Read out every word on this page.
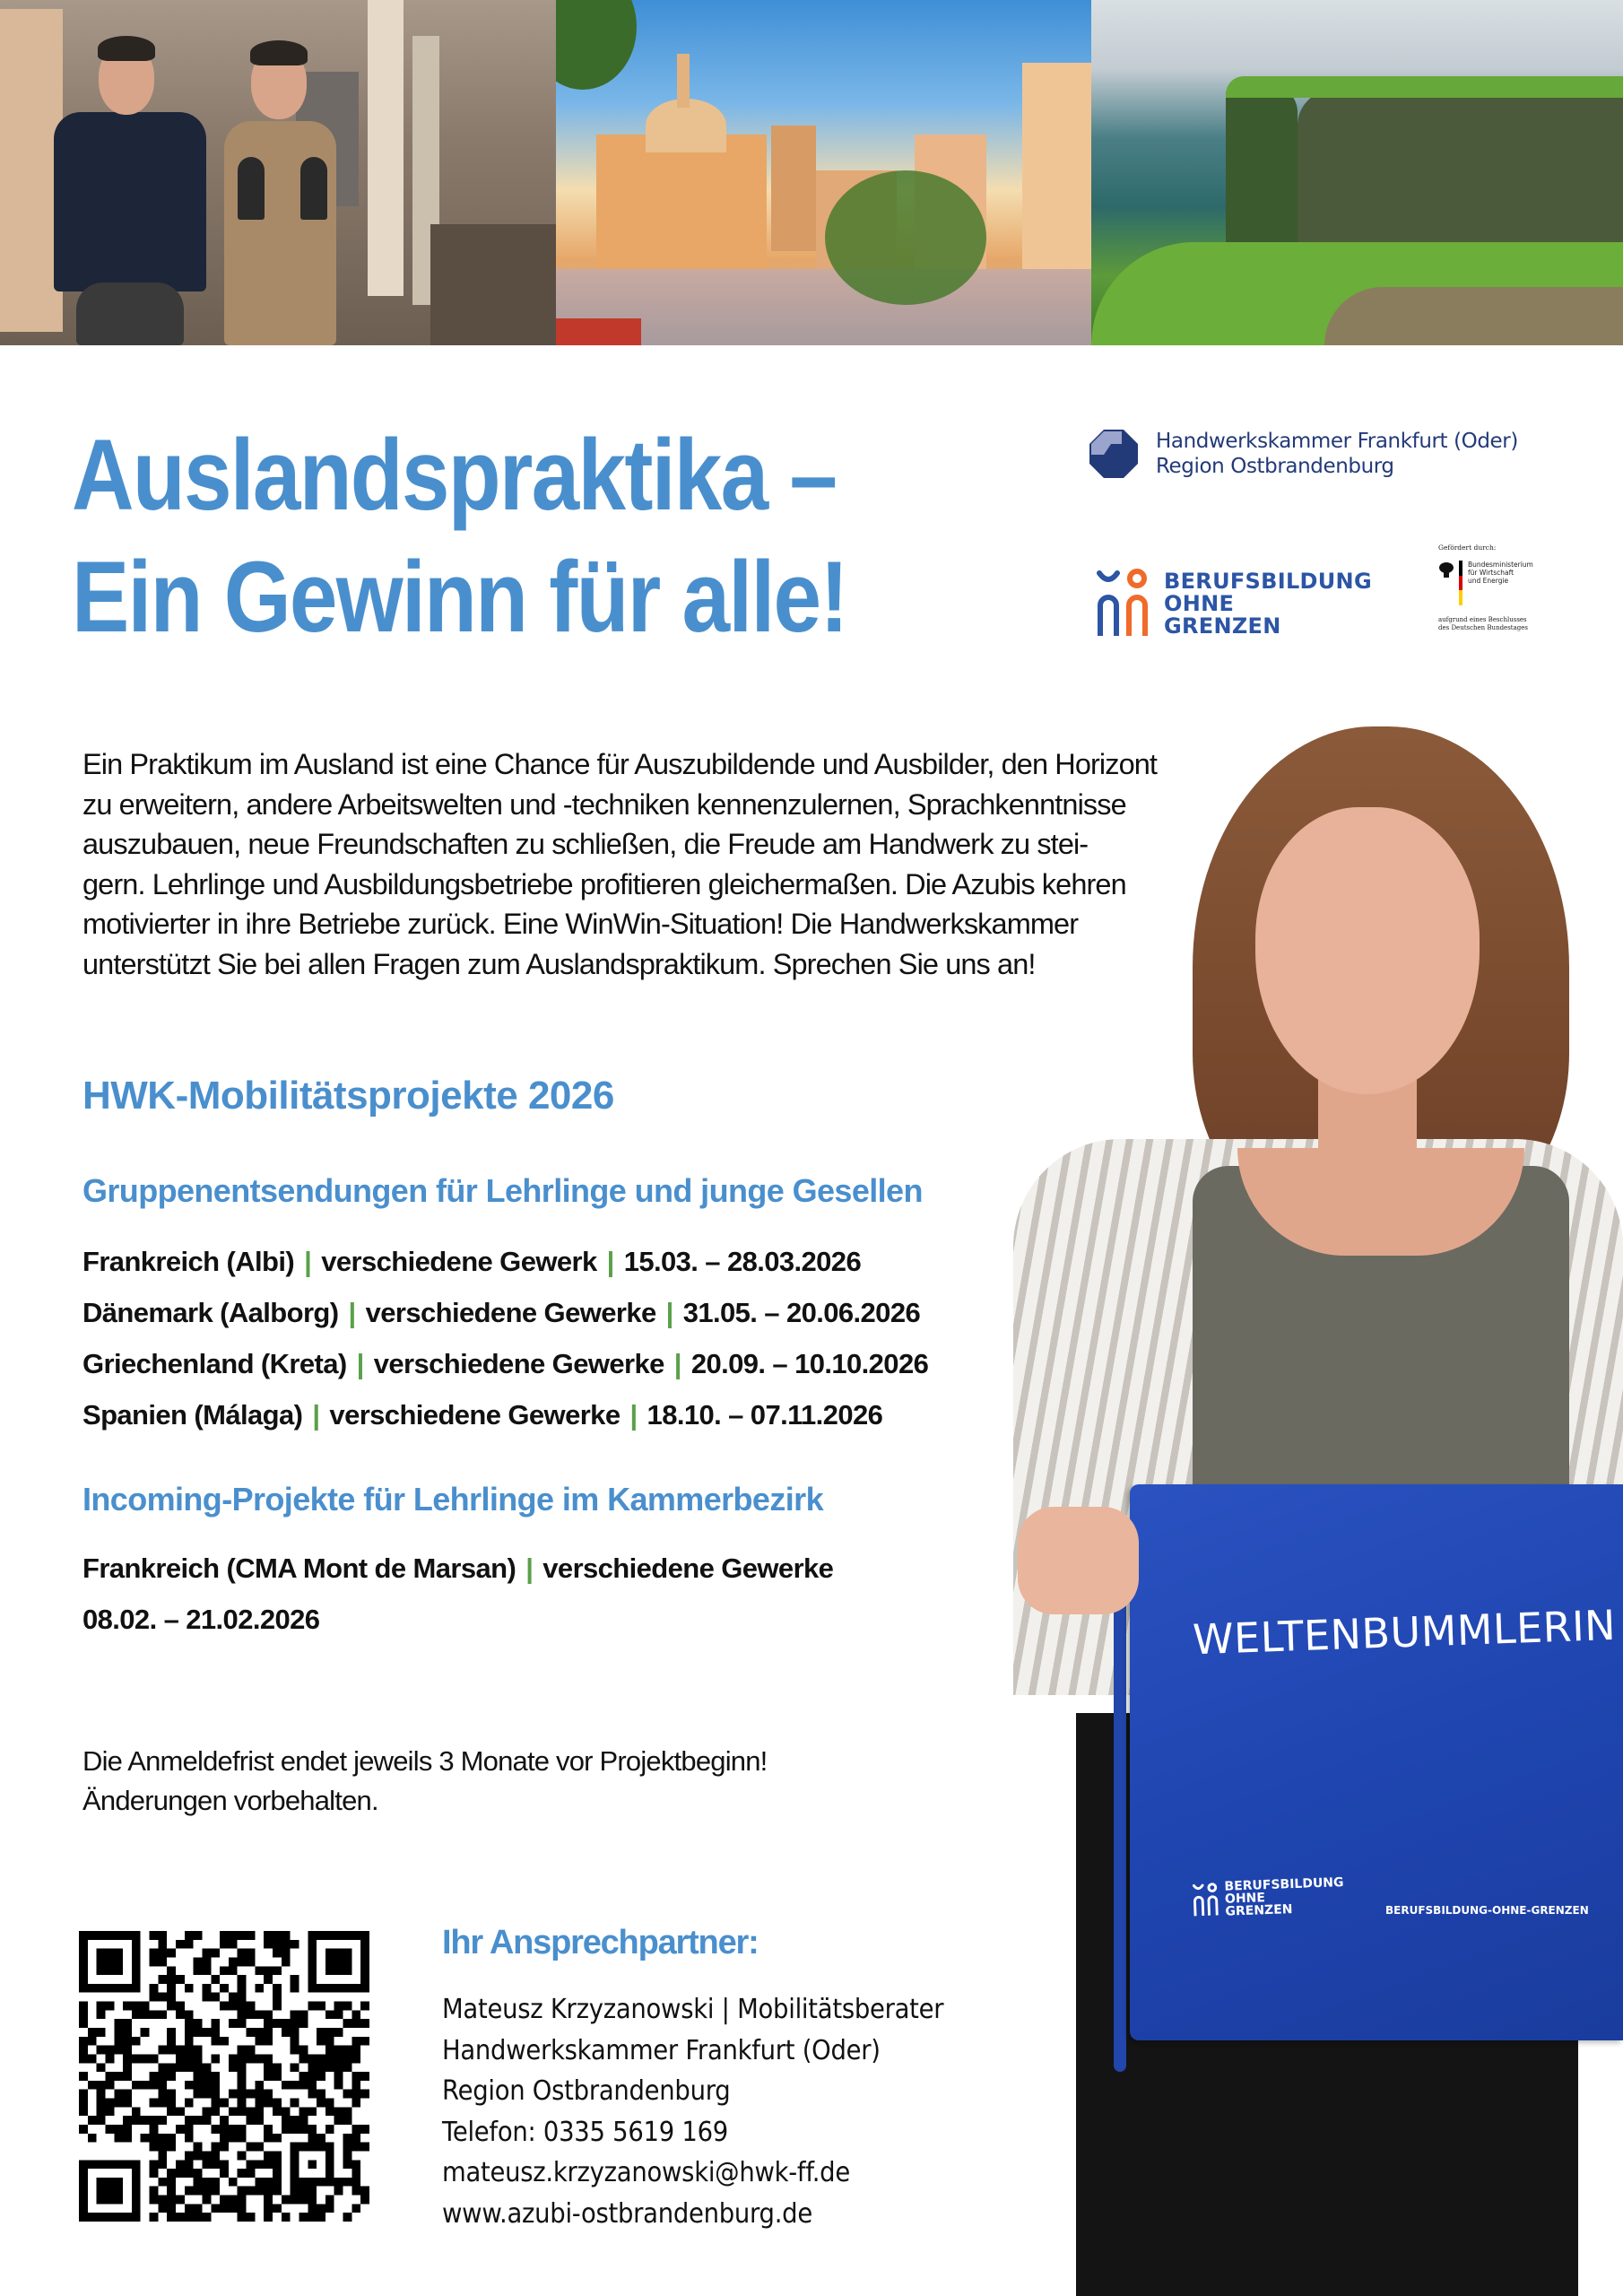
Auslandspraktika –
Ein Gewinn für alle!
Handwerkskammer Frankfurt (Oder)
Region Ostbrandenburg
BERUFSBILDUNG
OHNE
GRENZEN
Gefördert durch:
Bundesministerium
für Wirtschaft
und Energie
aufgrund eines Beschlusses
des Deutschen Bundestages
WELTENBUMMLERIN
BERUFSBILDUNG
OHNE
GRENZEN	BERUFSBILDUNG-OHNE-GRENZEN
Ein Praktikum im Ausland ist eine Chance für Auszubildende und Ausbilder, den Horizont
zu erweitern, andere Arbeitswelten und -techniken kennenzulernen, Sprachkenntnisse
auszubauen, neue Freundschaften zu schließen, die Freude am Handwerk zu stei-
gern. Lehrlinge und Ausbildungsbetriebe profitieren gleichermaßen. Die Azubis kehren
motivierter in ihre Betriebe zurück. Eine WinWin-Situation! Die Handwerkskammer
unterstützt Sie bei allen Fragen zum Auslandspraktikum. Sprechen Sie uns an!
HWK-Mobilitätsprojekte 2026
Gruppenentsendungen für Lehrlinge und junge Gesellen
Frankreich (Albi) | verschiedene Gewerk | 15.03. – 28.03.2026
Dänemark (Aalborg) | verschiedene Gewerke | 31.05. – 20.06.2026
Griechenland (Kreta) | verschiedene Gewerke | 20.09. – 10.10.2026
Spanien (Málaga) | verschiedene Gewerke | 18.10. – 07.11.2026
Incoming-Projekte für Lehrlinge im Kammerbezirk
Frankreich (CMA Mont de Marsan) | verschiedene Gewerke
08.02. – 21.02.2026
Die Anmeldefrist endet jeweils 3 Monate vor Projektbeginn!
Änderungen vorbehalten.
Ihr Ansprechpartner:
Mateusz Krzyzanowski | Mobilitätsberater
Handwerkskammer Frankfurt (Oder)
Region Ostbrandenburg
Telefon: 0335 5619 169
mateusz.krzyzanowski@hwk-ff.de
www.azubi-ostbrandenburg.de
